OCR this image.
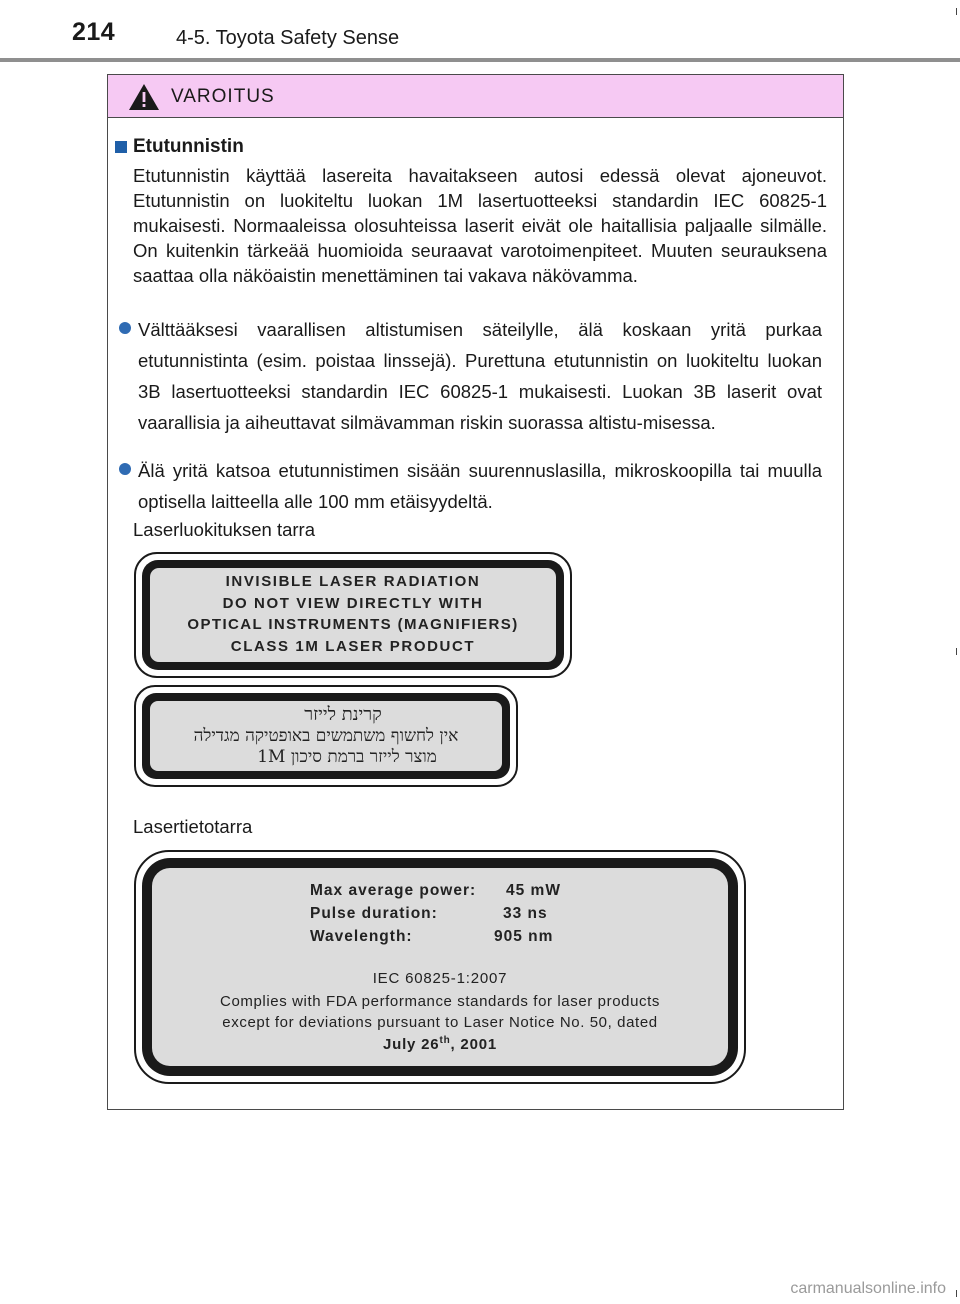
214	4-5. Toyota Safety Sense
VAROITUS
Etutunnistin

Etutunnistin käyttää lasereita havaitakseen autosi edessä olevat ajoneuvot. Etutunnistin on luokiteltu luokan 1M lasertuotteeksi standardin IEC 60825-1 mukaisesti. Normaaleissa olosuhteissa laserit eivät ole haitallisia paljaalle silmälle. On kuitenkin tärkeää huomioida seuraavat varotoimenpiteet. Muuten seurauksena saattaa olla näköaistin menettäminen tai vakava näkövamma.

Välttääksesi vaarallisen altistumisen säteilylle, älä koskaan yritä purkaa etutunnistinta (esim. poistaa linssejä). Purettuna etutunnistin on luokiteltu luokan 3B lasertuotteeksi standardin IEC 60825-1 mukaisesti. Luokan 3B laserit ovat vaarallisia ja aiheuttavat silmävamman riskin suorassa altistu-misessa.

Älä yritä katsoa etutunnistimen sisään suurennuslasilla, mikroskoopilla tai muulla optisella laitteella alle 100 mm etäisyydeltä.

Laserluokituksen tarra
Lasertietotarra
INVISIBLE LASER RADIATION
DO NOT VIEW DIRECTLY WITH
OPTICAL INSTRUMENTS (MAGNIFIERS)
CLASS 1M LASER PRODUCT
קרינת לייזר
אין לחשוף משתמשים באופטיקה מגדילה
מוצר לייזר ברמת סיכון 1M
Max average power: 45 mW
Pulse duration:	33 ns
Wavelength:	905 nm
IEC 60825-1:2007
Complies with FDA performance standards for laser products
except for deviations pursuant to Laser Notice No. 50, dated
July 26th, 2001
carmanualsonline.info
